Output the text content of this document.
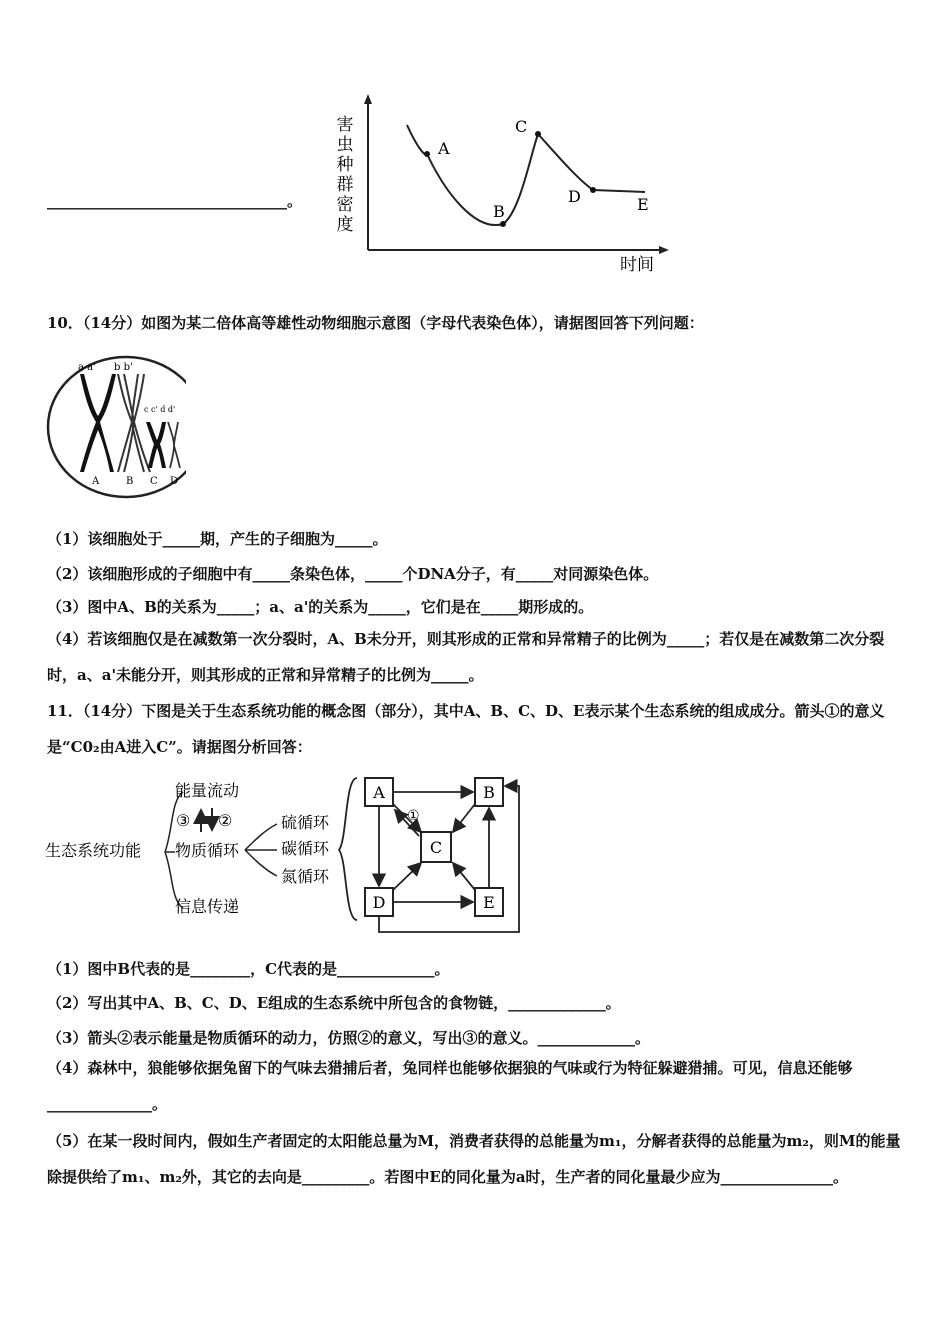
________________________________。
害
虫
种
群
密
度
时间
A
B
C
D	E
10．（14分）如图为某二倍体高等雄性动物细胞示意图（字母代表染色体），请据图回答下列问题：
a a' b b'
c c' d d'
A	B C D
（1）该细胞处于_____期，产生的子细胞为_____。
（2）该细胞形成的子细胞中有_____条染色体，_____个DNA分子，有_____对同源染色体。
（3）图中A、B的关系为_____；a、a'的关系为_____，它们是在_____期形成的。
（4）若该细胞仅是在减数第一次分裂时，A、B未分开，则其形成的正常和异常精子的比例为_____；若仅是在减数第二次分裂时，a、a'未能分开，则其形成的正常和异常精子的比例为_____。
11．（14分）下图是关于生态系统功能的概念图（部分），其中A、B、C、D、E表示某个生态系统的组成成分。箭头①的意义是“C0₂由A进入C”。请据图分析回答：
生态系统功能
能量流动
③ ②
物质循环
信息传递
硫循环
碳循环
氮循环
A	B
C
D	E
①
（1）图中B代表的是________，C代表的是_____________。
（2）写出其中A、B、C、D、E组成的生态系统中所包含的食物链，_____________。
（3）箭头②表示能量是物质循环的动力，仿照②的意义，写出③的意义。_____________。
（4）森林中，狼能够依据兔留下的气味去猎捕后者，兔同样也能够依据狼的气味或行为特征躲避猎捕。可见，信息还能够______________。
（5）在某一段时间内，假如生产者固定的太阳能总量为M，消费者获得的总能量为m₁，分解者获得的总能量为m₂，则M的能量除提供给了m₁、m₂外，其它的去向是_________。若图中E的同化量为a时，生产者的同化量最少应为_______________。
